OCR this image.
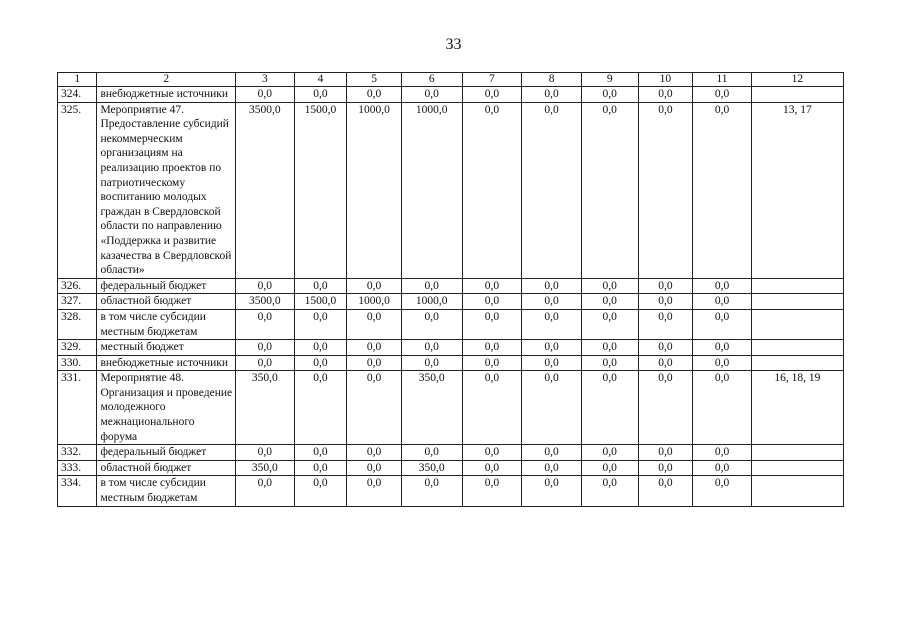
33
1	2	3	4	5	6	7	8	9	10	11	12
324.	внебюджетные источники	0,0	0,0	0,0	0,0	0,0	0,0	0,0	0,0	0,0	
325.	Мероприятие 47. Предоставление субсидий некоммерческим организациям на реализацию проектов по патриотическому воспитанию молодых граждан в Свердловской области по направлению «Поддержка и развитие казачества в Свердловской области»	3500,0	1500,0	1000,0	1000,0	0,0	0,0	0,0	0,0	0,0	13, 17
326.	федеральный бюджет	0,0	0,0	0,0	0,0	0,0	0,0	0,0	0,0	0,0	
327.	областной бюджет	3500,0	1500,0	1000,0	1000,0	0,0	0,0	0,0	0,0	0,0	
328.	в том числе субсидии местным бюджетам	0,0	0,0	0,0	0,0	0,0	0,0	0,0	0,0	0,0	
329.	местный бюджет	0,0	0,0	0,0	0,0	0,0	0,0	0,0	0,0	0,0	
330.	внебюджетные источники	0,0	0,0	0,0	0,0	0,0	0,0	0,0	0,0	0,0	
331.	Мероприятие 48. Организация и проведение молодежного межнационального форума	350,0	0,0	0,0	350,0	0,0	0,0	0,0	0,0	0,0	16, 18, 19
332.	федеральный бюджет	0,0	0,0	0,0	0,0	0,0	0,0	0,0	0,0	0,0	
333.	областной бюджет	350,0	0,0	0,0	350,0	0,0	0,0	0,0	0,0	0,0	
334.	в том числе субсидии местным бюджетам	0,0	0,0	0,0	0,0	0,0	0,0	0,0	0,0	0,0	
